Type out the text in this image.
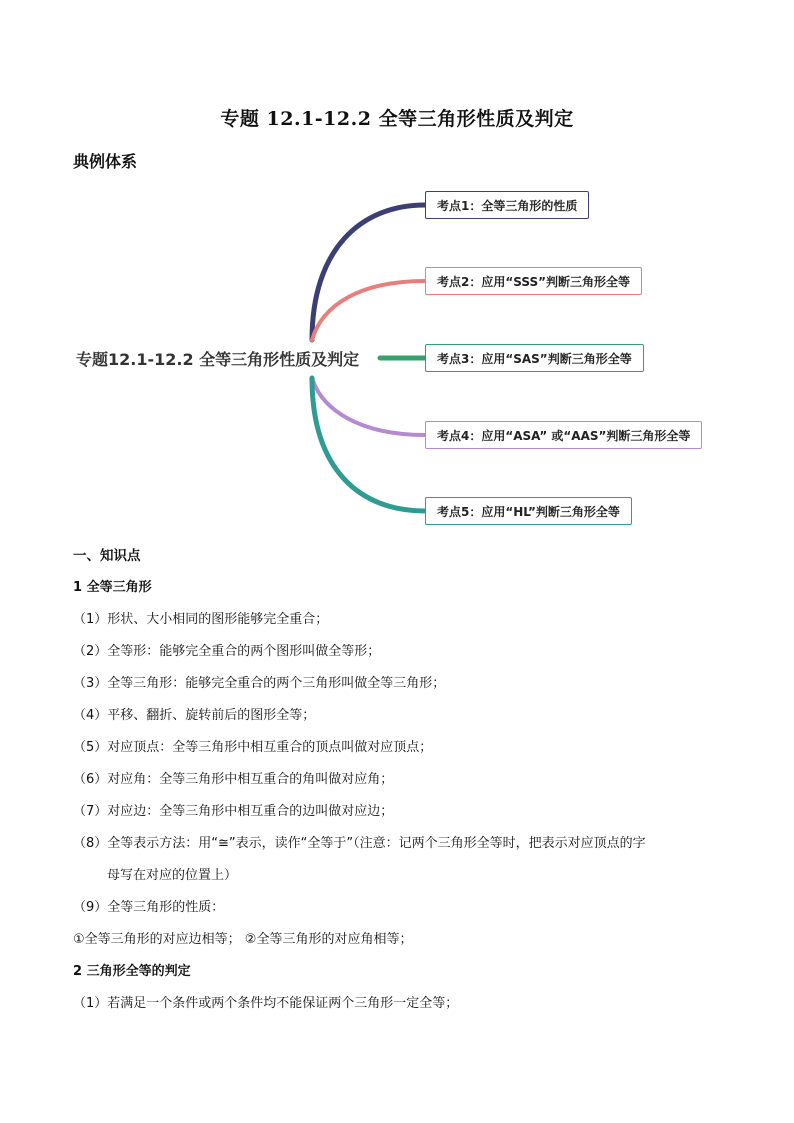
专题 12.1-12.2 全等三角形性质及判定
典例体系
专题12.1-12.2 全等三角形性质及判定
考点1：全等三角形的性质
考点2：应用“SSS”判断三角形全等
考点3：应用“SAS”判断三角形全等
考点4：应用“ASA” 或“AAS”判断三角形全等
考点5：应用“HL”判断三角形全等
一、知识点
1 全等三角形
（1）形状、大小相同的图形能够完全重合；
（2）全等形：能够完全重合的两个图形叫做全等形；
（3）全等三角形：能够完全重合的两个三角形叫做全等三角形；
（4）平移、翻折、旋转前后的图形全等；
（5）对应顶点：全等三角形中相互重合的顶点叫做对应顶点；
（6）对应角：全等三角形中相互重合的角叫做对应角；
（7）对应边：全等三角形中相互重合的边叫做对应边；
（8）全等表示方法：用“≅”表示，读作“全等于”（注意：记两个三角形全等时，把表示对应顶点的字
母写在对应的位置上）
（9）全等三角形的性质：
①全等三角形的对应边相等； ②全等三角形的对应角相等；
2 三角形全等的判定
（1）若满足一个条件或两个条件均不能保证两个三角形一定全等；
